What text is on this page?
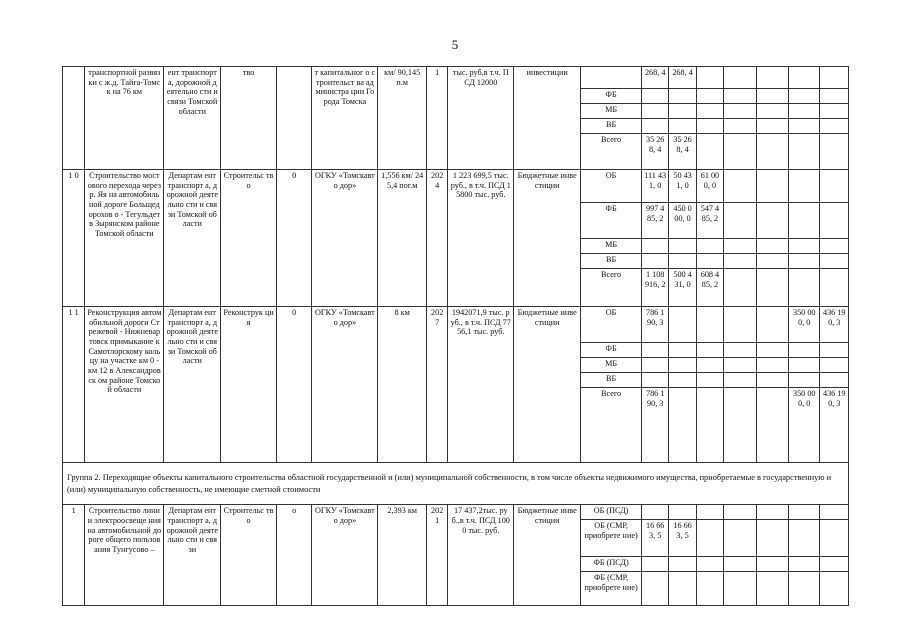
5
	транспортной развязки с ж.д. Тайга-Томск на 76 км	ент транспорт а, дорожной деятельно сти и связи Томской области	тво		т капитальног о строительст ва администра ции Города Томска	км/ 90,145 п.м	1	тыс. руб,в т.ч. ПСД 12000	инвестиции		268, 4	268, 4					
										ФБ							
										МБ							
										ВБ							
										Всего	35 268, 4	35 268, 4					
1 0	Строительство мостового перехода через р. Яя на автомобильной дороге Больщедорохов о - Тегульдет в Зырянском районе Томской области	Департам ент транспорт а, дорожной деятельно сти и связи Томской области	Строительс тво	0	ОГКУ «Томскавто дор»	1,556 км/ 245,4 пог.м	202 4	1 223 699,5 тыс. руб., в т.ч. ПСД 15800 тыс. руб.	Бюджетные инвестиции	ОБ	111 431, 0	50 431, 0	61 000, 0				
										ФБ	997 485, 2	450 000, 0	547 485, 2				
										МБ							
										ВБ							
										Всего	1 108 916, 2	500 431, 0	608 485, 2				
1 1	Реконструкция автомобильной дороги Стрежевой - Нижневартовск примыкание к Самотлорскому кольцу на участке км 0 - км 12 в Александровск ом районе Томской области	Департам ент транспорт а, дорожной деятельно сти и связи Томской области	Реконструк ция	0	ОГКУ «Томскавто дор»	8 км	202 7	1942071,9 тыс. руб., в т.ч. ПСД 7756,1 тыс. руб.	Бюджетные инвестиции	ОБ	786 190, 3					350 000, 0	436 190, 3
										ФБ							
										МБ							
										ВБ							
										Всего	786 190, 3					350 000, 0	436 190, 3
Группа 2. Переходящие объекты капитального строительства областной государственной и (или) муниципальной собственности, в том числе объекты недвижимого имущества, приобретаемые в государственную и (или) муниципальную собственность, не имеющие сметной стоимости																	
1	Строительство линии электроосвеще ния на автомобильной дороге общего пользования Тунгусово –	Департам ент транспорт а, дорожной деятельно сти и связи	Строительс тво	о	ОГКУ «Томскавто дор»	2,393 км	202 1	17 437,2тыс. руб.,в т.ч. ПСД 1000 тыс. руб.	Бюджетные инвестиции	ОБ (ПСД)							
										ОБ (СМР, приобрете ние)	16 663, 5	16 663, 5					
										ФБ (ПСД)							
										ФБ (СМР, приобрете ние)							
